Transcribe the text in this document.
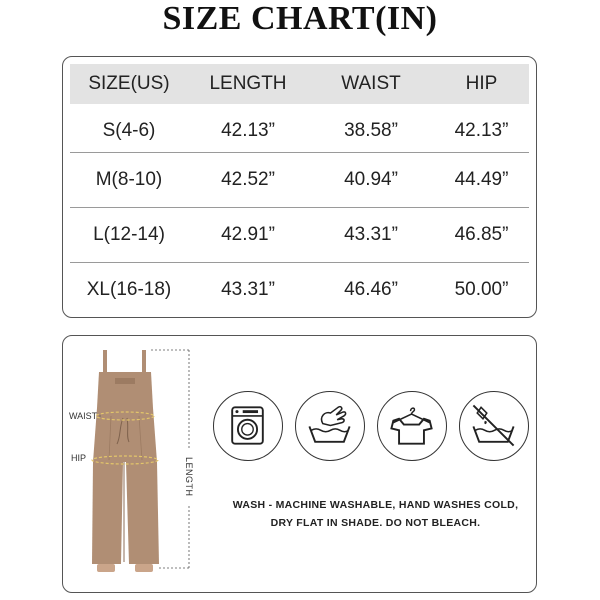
SIZE CHART(IN)
SIZE(US)	LENGTH	WAIST	HIP
S(4-6)	42.13”	38.58”	42.13”
M(8-10)	42.52”	40.94”	44.49”
L(12-14)	42.91”	43.31”	46.85”
XL(16-18)	43.31”	46.46”	50.00”
WAIST
HIP	LENGTH
WASH - MACHINE WASHABLE, HAND WASHES COLD,
DRY FLAT IN SHADE. DO NOT BLEACH.
